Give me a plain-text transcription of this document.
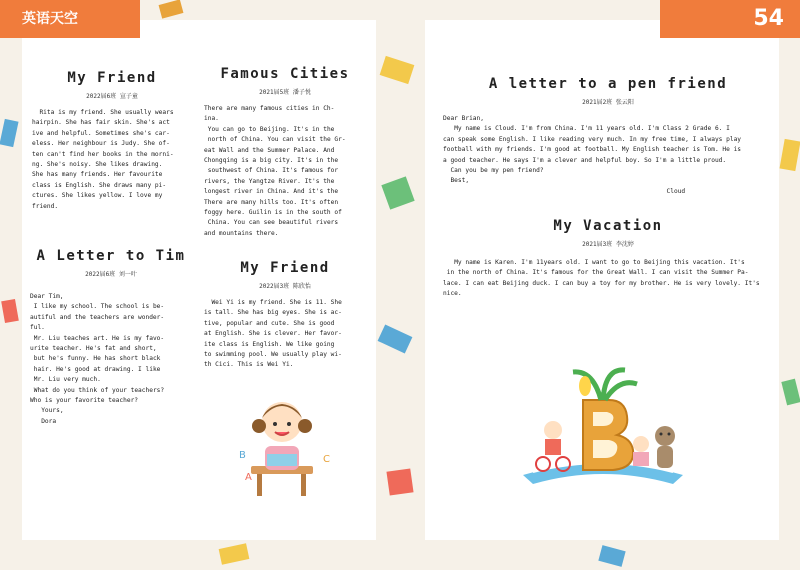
My Friend
2022届6班 宣子童

Rita is my friend. She usually wears
hairpin. She has fair skin. She's act
ive and helpful. Sometimes she's car-
eless. Her neighbour is Judy. She of-
ten can't find her books in the morni-
ng. She's noisy. She likes drawing.
She has many friends. Her favourite
class is English. She draws many pi-
ctures. She likes yellow. I love my
friend.

A Letter to Tim
2022届6班 刘一叶

Dear Tim,
I like my school. The school is be-
autiful and the teachers are wonder-
ful.
Mr. Liu teaches art. He is my favo-
urite teacher. He's fat and short,
but he's funny. He has short black
hair. He's good at drawing. I like
Mr. Liu very much.
What do you think of your teachers?
Who is your favorite teacher?
Yours,
Dora

Famous Cities
2021届5班 潘子悦

There are many famous cities in Ch-
ina.
You can go to Beijing. It's in the
north of China. You can visit the Gr-
eat Wall and the Summer Palace. And
Chongqing is a big city. It's in the
southwest of China. It's famous for
rivers, the Yangtze River. It's the
longest river in China. And it's the
There are many hills too. It's often
foggy here. Guilin is in the south of
China. You can see beautiful rivers
and mountains there.

My Friend
2022届3班 陈欣怡

Wei Yi is my friend. She is 11. She
is tall. She has big eyes. She is ac-
tive, popular and cute. She is good
at English. She is clever. Her favor-
ite class is English. We like going
to swimming pool. We usually play wi-
th Cici. This is Wei Yi.

B	C
A
A letter to a pen friend
2021届2班 张云阳

Dear Brian,
My name is Cloud. I'm from China. I'm 11 years old. I'm Class 2 Grade 6. I
can speak some English. I like reading very much. In my free time, I always play
football with my friends. I'm good at football. My English teacher is Tom. He is
a good teacher. He says I'm a clever and helpful boy. So I'm a little proud.
Can you be my pen friend?
Best,
Cloud

My Vacation
2021届3班 李沈婷

My name is Karen. I'm 11years old. I want to go to Beijing this vacation. It's
in the north of China. It's famous for the Great Wall. I can visit the Summer Pa-
lace. I can eat Beijing duck. I can buy a toy for my brother. He is very lovely. It's
nice.

英语天空	54
